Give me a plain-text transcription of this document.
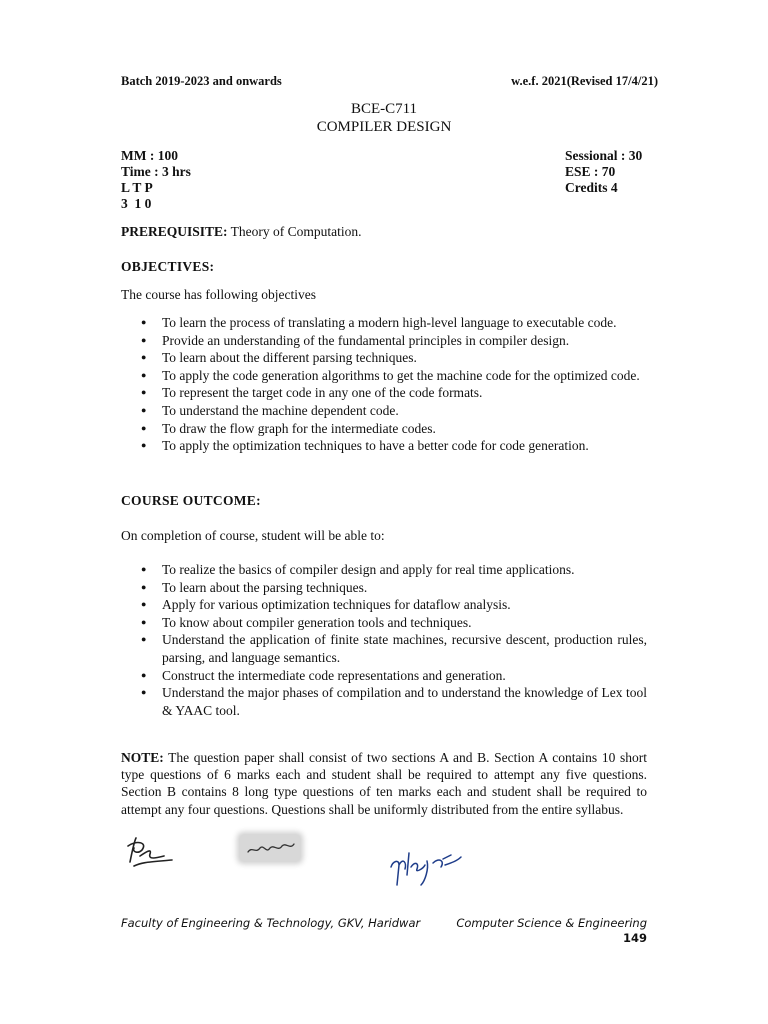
Batch 2019-2023 and onwards	w.e.f. 2021(Revised 17/4/21)
BCE-C711
COMPILER DESIGN
MM : 100
Time : 3 hrs
L T P
3  1 0
Sessional : 30
ESE : 70
Credits 4
PREREQUISITE: Theory of Computation.
OBJECTIVES:
The course has following objectives
● To learn the process of translating a modern high-level language to executable code.
● Provide an understanding of the fundamental principles in compiler design.
● To learn about the different parsing techniques.
● To apply the code generation algorithms to get the machine code for the optimized code.
● To represent the target code in any one of the code formats.
● To understand the machine dependent code.
● To draw the flow graph for the intermediate codes.
● To apply the optimization techniques to have a better code for code generation.
COURSE OUTCOME:
On completion of course, student will be able to:
● To realize the basics of compiler design and apply for real time applications.
● To learn about the parsing techniques.
● Apply for various optimization techniques for dataflow analysis.
● To know about compiler generation tools and techniques.
● Understand the application of finite state machines, recursive descent, production rules, parsing, and language semantics.
● Construct the intermediate code representations and generation.
● Understand the major phases of compilation and to understand the knowledge of Lex tool & YAAC tool.
NOTE: The question paper shall consist of two sections A and B. Section A contains 10 short type questions of 6 marks each and student shall be required to attempt any five questions. Section B contains 8 long type questions of ten marks each and student shall be required to attempt any four questions. Questions shall be uniformly distributed from the entire syllabus.
Faculty of Engineering & Technology, GKV, Haridwar	Computer Science & Engineering
149
